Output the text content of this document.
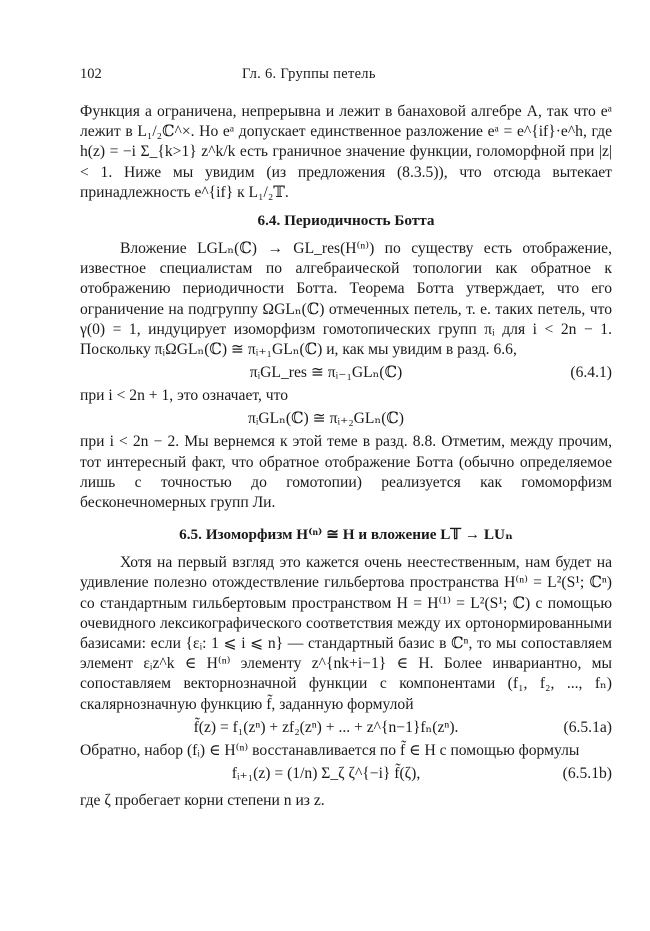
102	Гл. 6. Группы петель

Функция a ограничена, непрерывна и лежит в банаховой алгебре A, так что eᵃ лежит в L₁/₂ℂ^×. Но eᵃ допускает единственное разложение eᵃ = e^{if}·e^h, где h(z) = −i Σ_{k>1} z^k/k есть граничное значение функции, голоморфной при |z| < 1. Ниже мы увидим (из предложения (8.3.5)), что отсюда вытекает принадлежность e^{if} к L₁/₂𝕋.

6.4. Периодичность Ботта

Вложение LGLₙ(ℂ) → GL_res(H⁽ⁿ⁾) по существу есть отображение, известное специалистам по алгебраической топологии как обратное к отображению периодичности Ботта. Теорема Ботта утверждает, что его ограничение на подгруппу ΩGLₙ(ℂ) отмеченных петель, т. е. таких петель, что γ(0) = 1, индуцирует изоморфизм гомотопических групп πᵢ для i < 2n − 1. Поскольку πᵢΩGLₙ(ℂ) ≅ πᵢ₊₁GLₙ(ℂ) и, как мы увидим в разд. 6.6,

πᵢGL_res ≅ πᵢ₋₁GLₙ(ℂ)	(6.4.1)

при i < 2n + 1, это означает, что

πᵢGLₙ(ℂ) ≅ πᵢ₊₂GLₙ(ℂ)

при i < 2n − 2. Мы вернемся к этой теме в разд. 8.8. Отметим, между прочим, тот интересный факт, что обратное отображение Ботта (обычно определяемое лишь с точностью до гомотопии) реализуется как гомоморфизм бесконечномерных групп Ли.

6.5. Изоморфизм H⁽ⁿ⁾ ≅ H и вложение L𝕋 → LUₙ

Хотя на первый взгляд это кажется очень неестественным, нам будет на удивление полезно отождествление гильбертова пространства H⁽ⁿ⁾ = L²(S¹; ℂⁿ) со стандартным гильбертовым пространством H = H⁽¹⁾ = L²(S¹; ℂ) с помощью очевидного лексикографического соответствия между их ортонормированными базисами: если {εᵢ: 1 ⩽ i ⩽ n} — стандартный базис в ℂⁿ, то мы сопоставляем элемент εᵢz^k ∈ H⁽ⁿ⁾ элементу z^{nk+i−1} ∈ H. Более инвариантно, мы сопоставляем векторнозначной функции с компонентами (f₁, f₂, ..., fₙ) скалярнозначную функцию f̃, заданную формулой

f̃(z) = f₁(zⁿ) + zf₂(zⁿ) + ... + z^{n−1}fₙ(zⁿ).	(6.5.1a)

Обратно, набор (fᵢ) ∈ H⁽ⁿ⁾ восстанавливается по f̃ ∈ H с помощью формулы

fᵢ₊₁(z) = (1/n) Σ_ζ ζ^{−i} f̃(ζ),	(6.5.1b)

где ζ пробегает корни степени n из z.
